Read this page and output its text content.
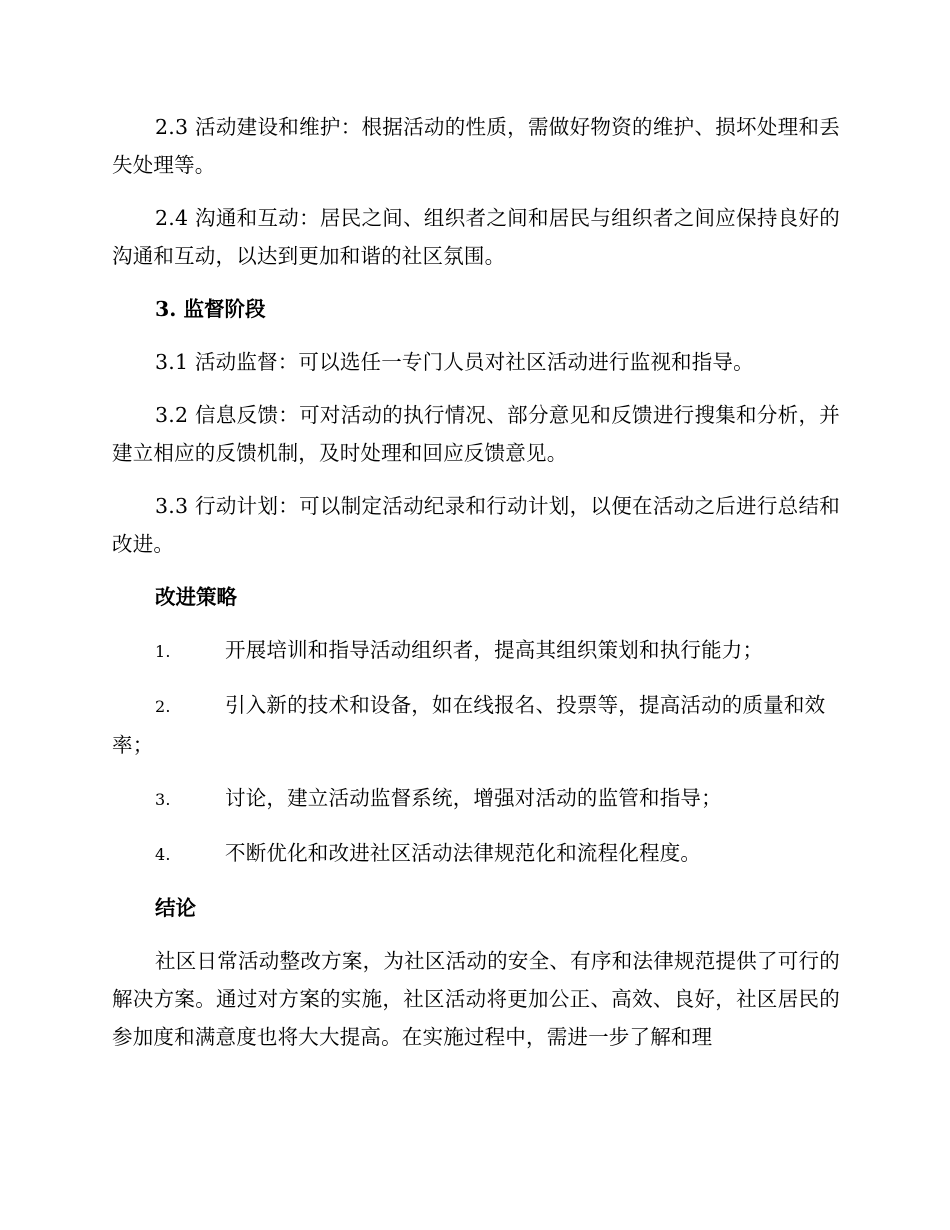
2.3 活动建设和维护：根据活动的性质，需做好物资的维护、损坏处理和丢失处理等。

2.4 沟通和互动：居民之间、组织者之间和居民与组织者之间应保持良好的沟通和互动，以达到更加和谐的社区氛围。

3. 监督阶段

3.1 活动监督：可以选任一专门人员对社区活动进行监视和指导。

3.2 信息反馈：可对活动的执行情况、部分意见和反馈进行搜集和分析，并建立相应的反馈机制，及时处理和回应反馈意见。

3.3 行动计划：可以制定活动纪录和行动计划，以便在活动之后进行总结和改进。

改进策略

1.	开展培训和指导活动组织者，提高其组织策划和执行能力；

2.	引入新的技术和设备，如在线报名、投票等，提高活动的质量和效率；

3.	讨论，建立活动监督系统，增强对活动的监管和指导；

4.	不断优化和改进社区活动法律规范化和流程化程度。

结论

社区日常活动整改方案，为社区活动的安全、有序和法律规范提供了可行的解决方案。通过对方案的实施，社区活动将更加公正、高效、良好，社区居民的参加度和满意度也将大大提高。在实施过程中，需进一步了解和理
